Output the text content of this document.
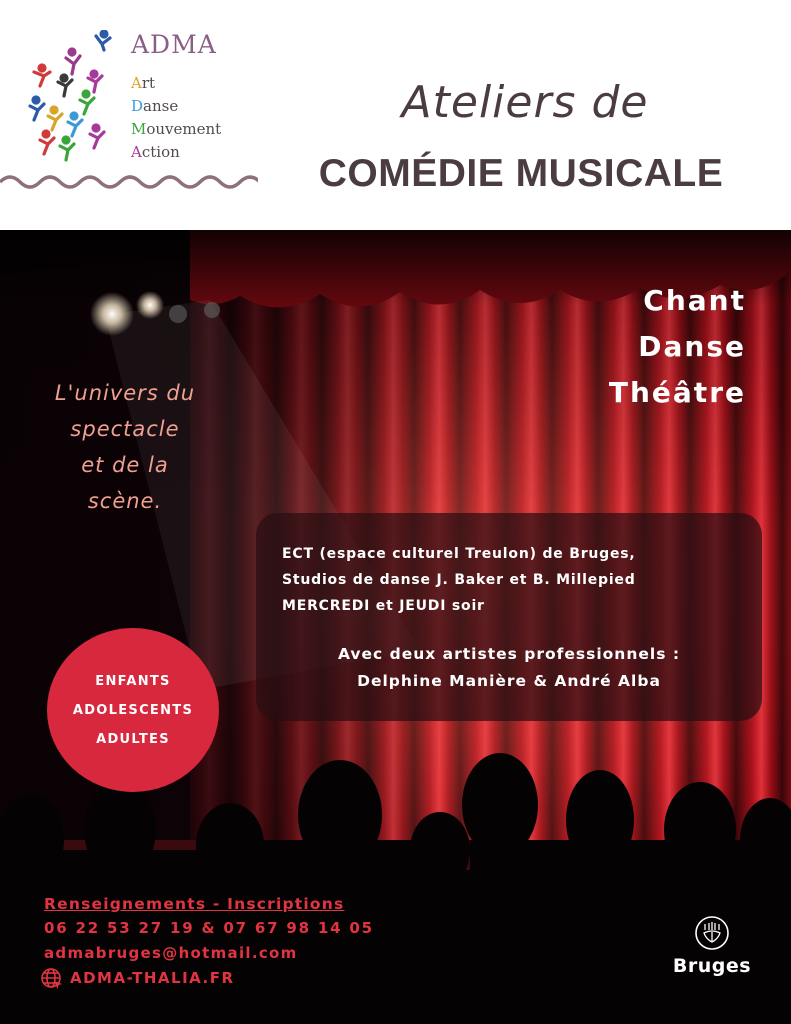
ADMA
Art
Danse
Mouvement
Action
Ateliers de
COMÉDIE MUSICALE
Chant
Danse
Théâtre
L'univers du
spectacle
et de la
scène.
ECT (espace culturel Treulon) de Bruges,
Studios de danse J. Baker et B. Millepied
MERCREDI et JEUDI soir
Avec deux artistes professionnels :
Delphine Manière & André Alba
ENFANTS
ADOLESCENTS
ADULTES
Renseignements - Inscriptions
06 22 53 27 19 & 07 67 98 14 05
admabruges@hotmail.com
ADMA-THALIA.FR
Bruges
